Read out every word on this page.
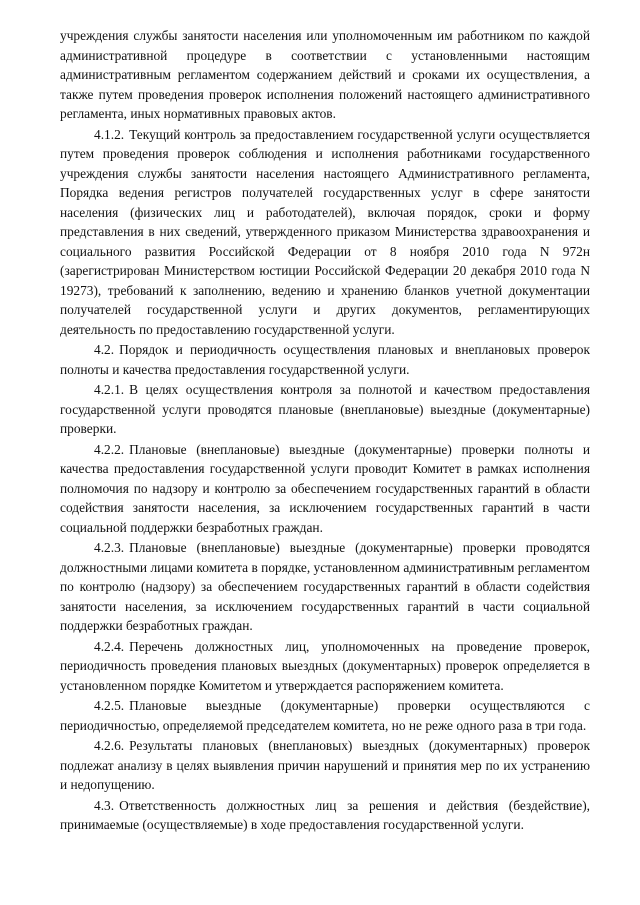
учреждения службы занятости населения или уполномоченным им работником по каждой административной процедуре в соответствии с установленными настоящим административным регламентом содержанием действий и сроками их осуществления, а также путем проведения проверок исполнения положений настоящего административного регламента, иных нормативных правовых актов.

4.1.2. Текущий контроль за предоставлением государственной услуги осуществляется путем проведения проверок соблюдения и исполнения работниками государственного учреждения службы занятости населения настоящего Административного регламента, Порядка ведения регистров получателей государственных услуг в сфере занятости населения (физических лиц и работодателей), включая порядок, сроки и форму представления в них сведений, утвержденного приказом Министерства здравоохранения и социального развития Российской Федерации от 8 ноября 2010 года N 972н (зарегистрирован Министерством юстиции Российской Федерации 20 декабря 2010 года N 19273), требований к заполнению, ведению и хранению бланков учетной документации получателей государственной услуги и других документов, регламентирующих деятельность по предоставлению государственной услуги.

4.2. Порядок и периодичность осуществления плановых и внеплановых проверок полноты и качества предоставления государственной услуги.

4.2.1. В целях осуществления контроля за полнотой и качеством предоставления государственной услуги проводятся плановые (внеплановые) выездные (документарные) проверки.

4.2.2. Плановые (внеплановые) выездные (документарные) проверки полноты и качества предоставления государственной услуги проводит Комитет в рамках исполнения полномочия по надзору и контролю за обеспечением государственных гарантий в области содействия занятости населения, за исключением государственных гарантий в части социальной поддержки безработных граждан.

4.2.3. Плановые (внеплановые) выездные (документарные) проверки проводятся должностными лицами комитета в порядке, установленном административным регламентом по контролю (надзору) за обеспечением государственных гарантий в области содействия занятости населения, за исключением государственных гарантий в части социальной поддержки безработных граждан.

4.2.4. Перечень должностных лиц, уполномоченных на проведение проверок, периодичность проведения плановых выездных (документарных) проверок определяется в установленном порядке Комитетом и утверждается распоряжением комитета.

4.2.5. Плановые выездные (документарные) проверки осуществляются с периодичностью, определяемой председателем комитета, но не реже одного раза в три года.

4.2.6. Результаты плановых (внеплановых) выездных (документарных) проверок подлежат анализу в целях выявления причин нарушений и принятия мер по их устранению и недопущению.

4.3. Ответственность должностных лиц за решения и действия (бездействие), принимаемые (осуществляемые) в ходе предоставления государственной услуги.
